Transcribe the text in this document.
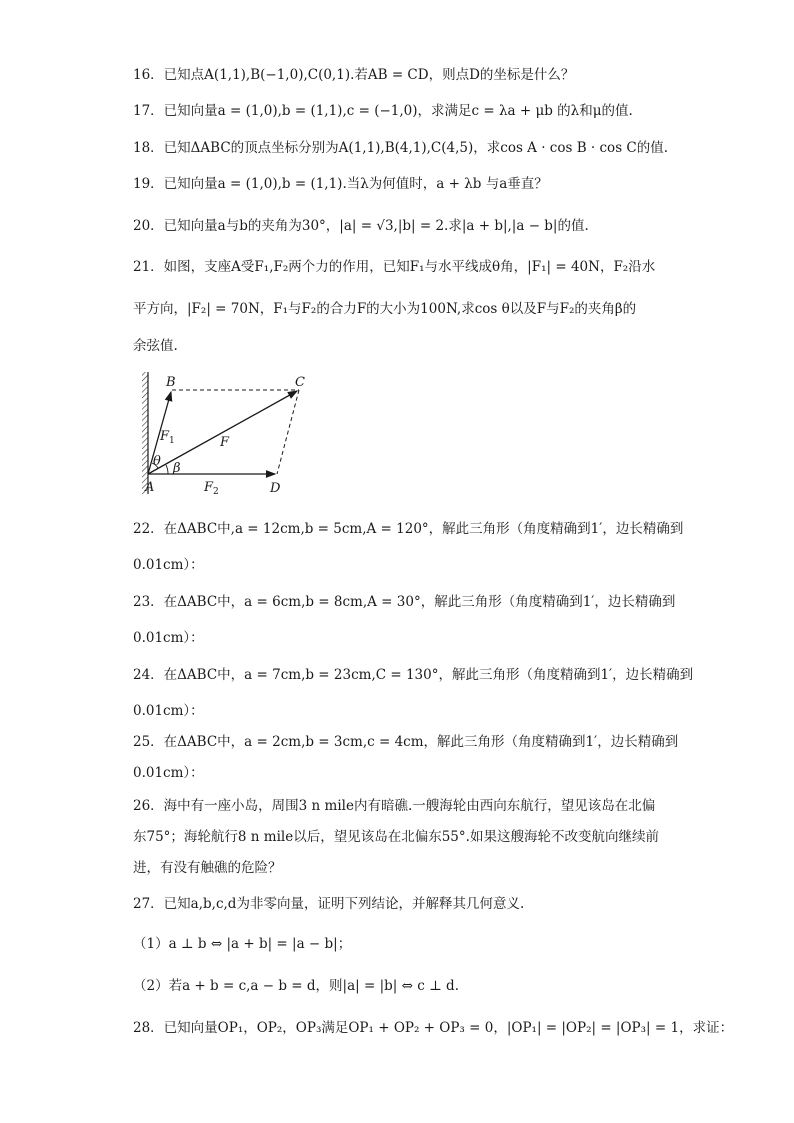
16．已知点A(1,1),B(−1,0),C(0,1).若AB = CD，则点D的坐标是什么？
17．已知向量a = (1,0),b = (1,1),c = (−1,0)，求满足c = λa + μb 的λ和μ的值.
18．已知ΔABC的顶点坐标分别为A(1,1),B(4,1),C(4,5)，求cos A · cos B · cos C的值.
19．已知向量a = (1,0),b = (1,1).当λ为何值时，a + λb 与a垂直？
20．已知向量a与b的夹角为30°，|a| = √3,|b| = 2.求|a + b|,|a − b|的值.
21．如图，支座A受F₁,F₂两个力的作用，已知F₁与水平线成θ角，|F₁| = 40N，F₂沿水
平方向，|F₂| = 70N，F₁与F₂的合力F的大小为100N,求cos θ以及F与F₂的夹角β的
余弦值.
A
B	C
D
F
F 1
F 2
θ β
22．在ΔABC中,a = 12cm,b = 5cm,A = 120°，解此三角形（角度精确到1′，边长精确到
0.01cm）：
23．在ΔABC中，a = 6cm,b = 8cm,A = 30°，解此三角形（角度精确到1′，边长精确到
0.01cm）：
24．在ΔABC中，a = 7cm,b = 23cm,C = 130°，解此三角形（角度精确到1′，边长精确到
0.01cm）：
25．在ΔABC中，a = 2cm,b = 3cm,c = 4cm，解此三角形（角度精确到1′，边长精确到
0.01cm）：
26．海中有一座小岛，周围3 n mile内有暗礁.一艘海轮由西向东航行，望见该岛在北偏
东75°；海轮航行8 n mile以后，望见该岛在北偏东55°.如果这艘海轮不改变航向继续前
进，有没有触礁的危险？
27．已知a,b,c,d为非零向量，证明下列结论，并解释其几何意义.
（1）a ⊥ b ⇔ |a + b| = |a − b|；
（2）若a + b = c,a − b = d，则|a| = |b| ⇔ c ⊥ d.
28．已知向量OP₁，OP₂，OP₃满足OP₁ + OP₂ + OP₃ = 0，|OP₁| = |OP₂| = |OP₃| = 1，求证：
